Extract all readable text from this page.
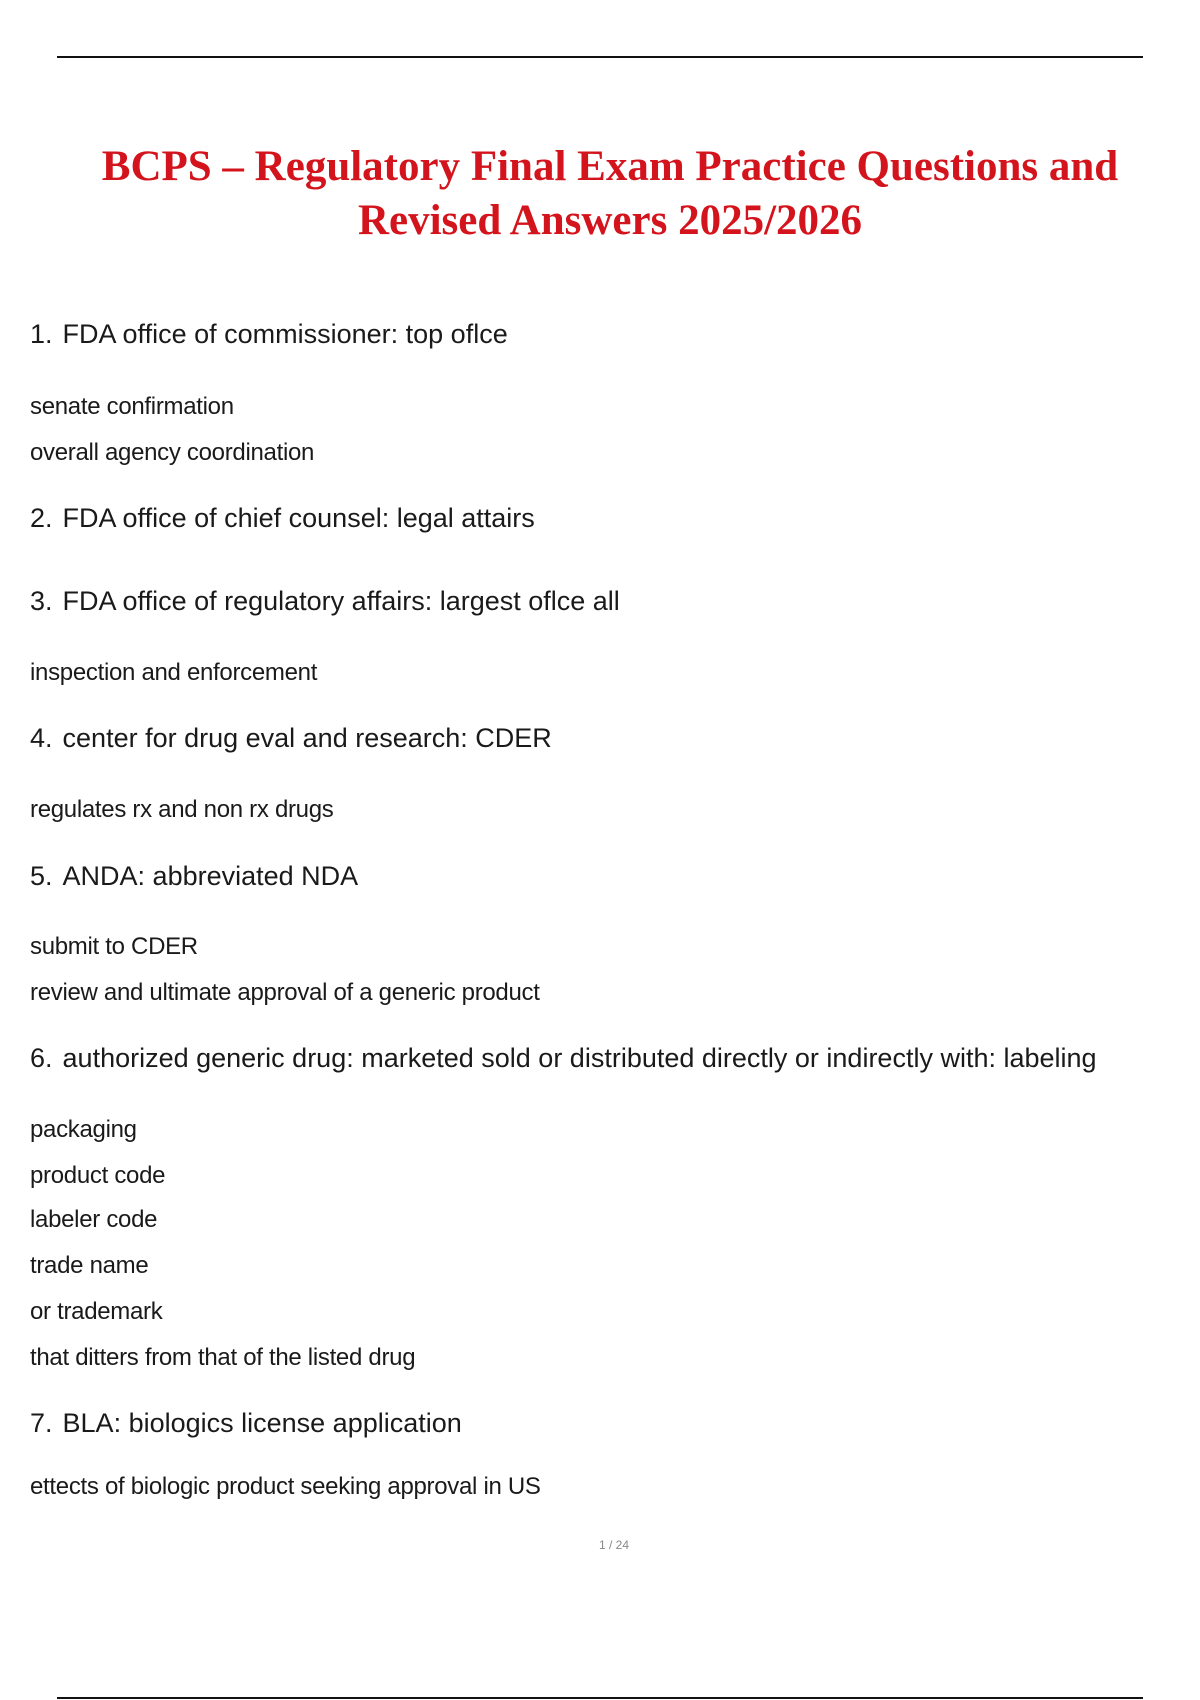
BCPS – Regulatory Final Exam Practice Questions and Revised Answers 2025/2026

1. FDA office of commissioner: top oflce

senate confirmation

overall agency coordination

2. FDA office of chief counsel: legal attairs

3. FDA office of regulatory affairs: largest oflce all

inspection and enforcement

4. center for drug eval and research: CDER

regulates rx and non rx drugs

5. ANDA: abbreviated NDA

submit to CDER

review and ultimate approval of a generic product

6. authorized generic drug: marketed sold or distributed directly or indirectly with: labeling

packaging

product code

labeler code

trade name

or trademark

that ditters from that of the listed drug

7. BLA: biologics license application

ettects of biologic product seeking approval in US

1 / 24
